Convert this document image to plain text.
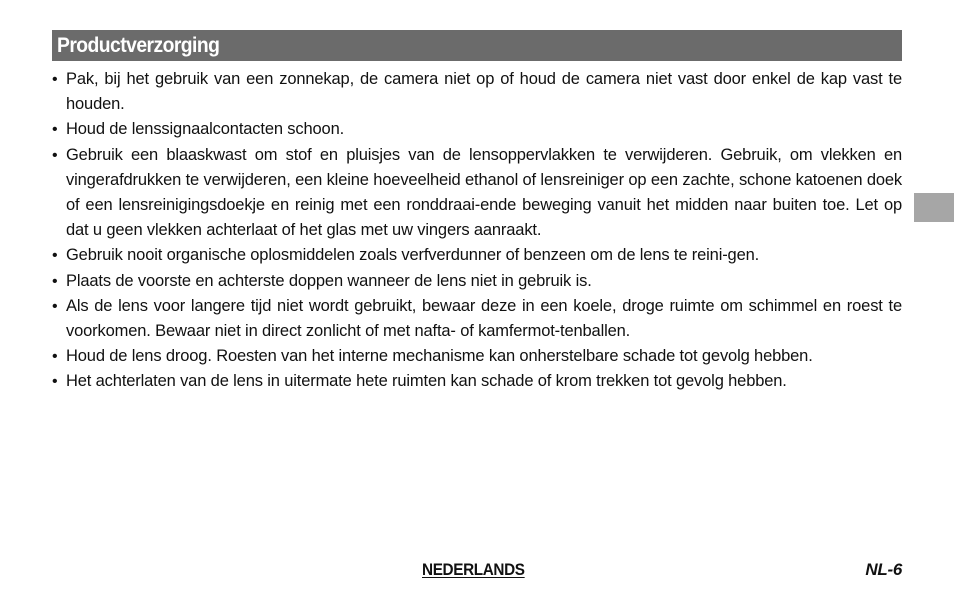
Productverzorging
• Pak, bij het gebruik van een zonnekap, de camera niet op of houd de camera niet vast door enkel de kap vast te houden.
• Houd de lenssignaalcontacten schoon.
• Gebruik een blaaskwast om stof en pluisjes van de lensoppervlakken te verwijderen. Gebruik, om vlekken en vingerafdrukken te verwijderen, een kleine hoeveelheid ethanol of lensreiniger op een zachte, schone katoenen doek of een lensreinigingsdoekje en reinig met een ronddraai-ende beweging vanuit het midden naar buiten toe. Let op dat u geen vlekken achterlaat of het glas met uw vingers aanraakt.
• Gebruik nooit organische oplosmiddelen zoals verfverdunner of benzeen om de lens te reini-gen.
• Plaats de voorste en achterste doppen wanneer de lens niet in gebruik is.
• Als de lens voor langere tijd niet wordt gebruikt, bewaar deze in een koele, droge ruimte om schimmel en roest te voorkomen. Bewaar niet in direct zonlicht of met nafta- of kamfermot-tenballen.
• Houd de lens droog. Roesten van het interne mechanisme kan onherstelbare schade tot gevolg hebben.
• Het achterlaten van de lens in uitermate hete ruimten kan schade of krom trekken tot gevolg hebben.
NEDERLANDS	NL-6
